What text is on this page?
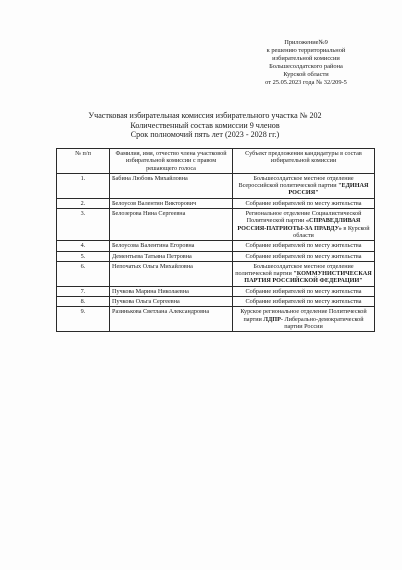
Приложение№9
к решению территориальной
избирательной комиссии
Большесолдатского района
Курской области
от 25.05.2023 года № 32/209-5
Участковая избирательная комиссия избирательного участка № 202
Количественный состав комиссии 9 членов
Срок полномочий пять лет (2023 - 2028 гг.)
№ п/п	Фамилия, имя, отчество члена участковой избирательной комиссии с правом решающего голоса	Субъект предложения кандидатуры в состав избирательной комиссии
1.	Бабина Любовь Михайловна	Большесолдатское местное отделение Всероссийской политической партии "ЕДИНАЯ РОССИЯ"
2.	Белоусов Валентин Викторович	Собрание избирателей по месту жительства
3.	Белозерова Нина Сергеевна	Региональное отделение Социалистической Политической партии «СПРАВЕДЛИВАЯ РОССИЯ-ПАТРИОТЫ-ЗА ПРАВДУ» в Курской области
4.	Белоусова Валентина Егоровна	Собрание избирателей по месту жительства
5.	Дементьева Татьяна Петровна	Собрание избирателей по месту жительства
6.	Непочатых Ольга Михайловна	Большесолдатское местное отделение политической партии "КОММУНИСТИЧЕСКАЯ ПАРТИЯ РОССИЙСКОЙ ФЕДЕРАЦИИ"
7.	Пучкова Марина Николаевна	Собрание избирателей по месту жительства
8.	Пучкова Ольга Сергеевна	Собрание избирателей по месту жительства
9.	Разинькова Светлана Александровна	Курское региональное отделение Политической партии ЛДПР- Либерально-демократической партии России
